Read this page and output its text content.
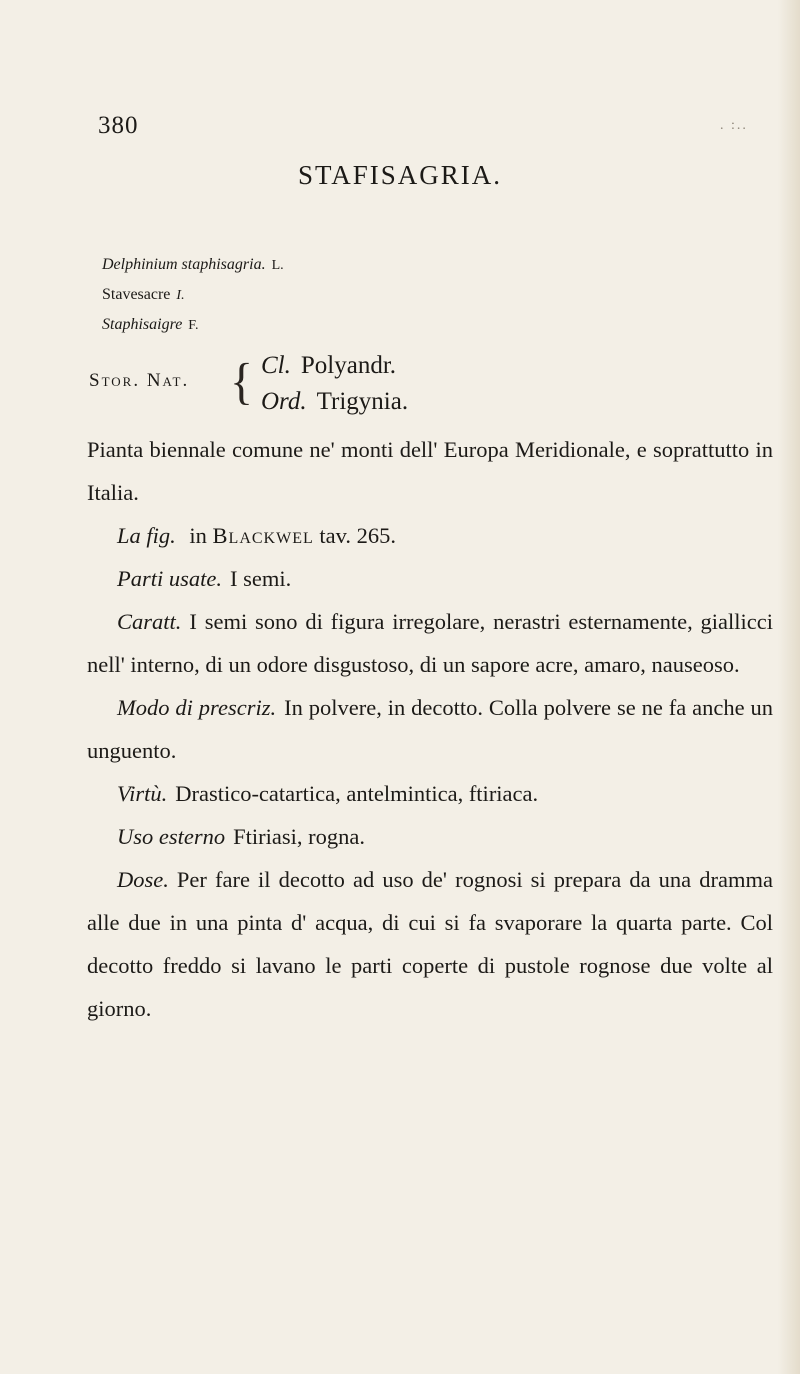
380	. :..
STAFISAGRIA.
Delphinium staphisagria. L.
Stavesacre I.
Staphisaigre F.
Stor. Nat. { Cl. Polyandr.
Ord. Trigynia.

Pianta biennale comune ne' monti dell' Europa Meridionale, e soprattutto in Italia.

La fig. in Blackwel tav. 265.

Parti usate. I semi.

Caratt. I semi sono di figura irregolare, nerastri esternamente, giallicci nell' interno, di un odore disgustoso, di un sapore acre, amaro, nauseoso.

Modo di prescriz. In polvere, in decotto. Colla polvere se ne fa anche un unguento.

Virtù. Drastico-catartica, antelmintica, ftiriaca.

Uso esterno Ftiriasi, rogna.

Dose. Per fare il decotto ad uso de' rognosi si prepara da una dramma alle due in una pinta d' acqua, di cui si fa svaporare la quarta parte. Col decotto freddo si lavano le parti coperte di pustole rognose due volte al giorno.
